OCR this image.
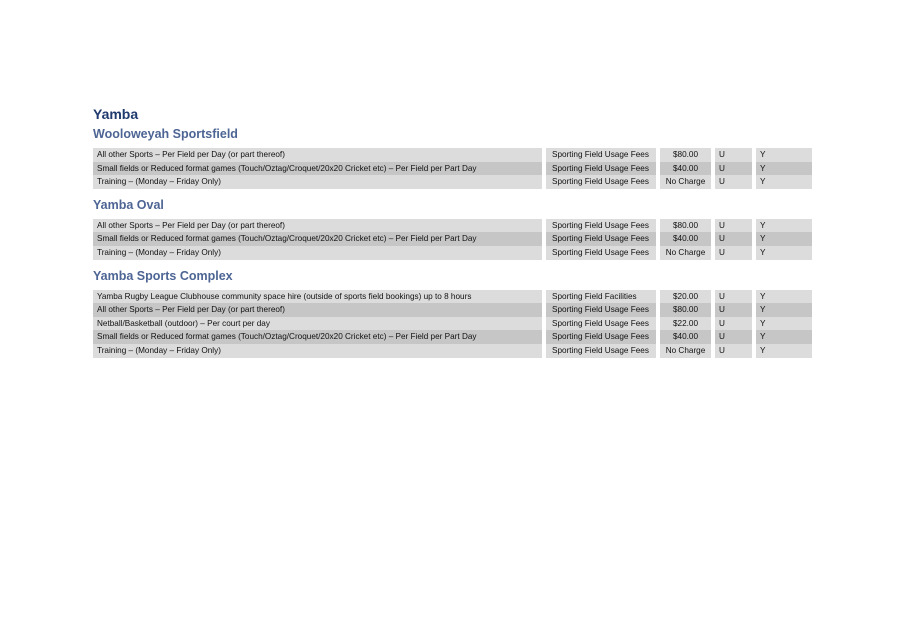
Yamba
Wooloweyah Sportsfield
All other Sports – Per Field per Day (or part thereof)	Sporting Field Usage Fees	$80.00	U	Y
Small fields or Reduced format games (Touch/Oztag/Croquet/20x20 Cricket etc) – Per Field per Part Day	Sporting Field Usage Fees	$40.00	U	Y
Training – (Monday – Friday Only)	Sporting Field Usage Fees	No Charge	U	Y
Yamba Oval
All other Sports – Per Field per Day (or part thereof)	Sporting Field Usage Fees	$80.00	U	Y
Small fields or Reduced format games (Touch/Oztag/Croquet/20x20 Cricket etc) – Per Field per Part Day	Sporting Field Usage Fees	$40.00	U	Y
Training – (Monday – Friday Only)	Sporting Field Usage Fees	No Charge	U	Y
Yamba Sports Complex
Yamba Rugby League Clubhouse community space hire (outside of sports field bookings) up to 8 hours	Sporting Field Facilities	$20.00	U	Y
All other Sports – Per Field per Day (or part thereof)	Sporting Field Usage Fees	$80.00	U	Y
Netball/Basketball (outdoor) – Per court per day	Sporting Field Usage Fees	$22.00	U	Y
Small fields or Reduced format games (Touch/Oztag/Croquet/20x20 Cricket etc) – Per Field per Part Day	Sporting Field Usage Fees	$40.00	U	Y
Training – (Monday – Friday Only)	Sporting Field Usage Fees	No Charge	U	Y
